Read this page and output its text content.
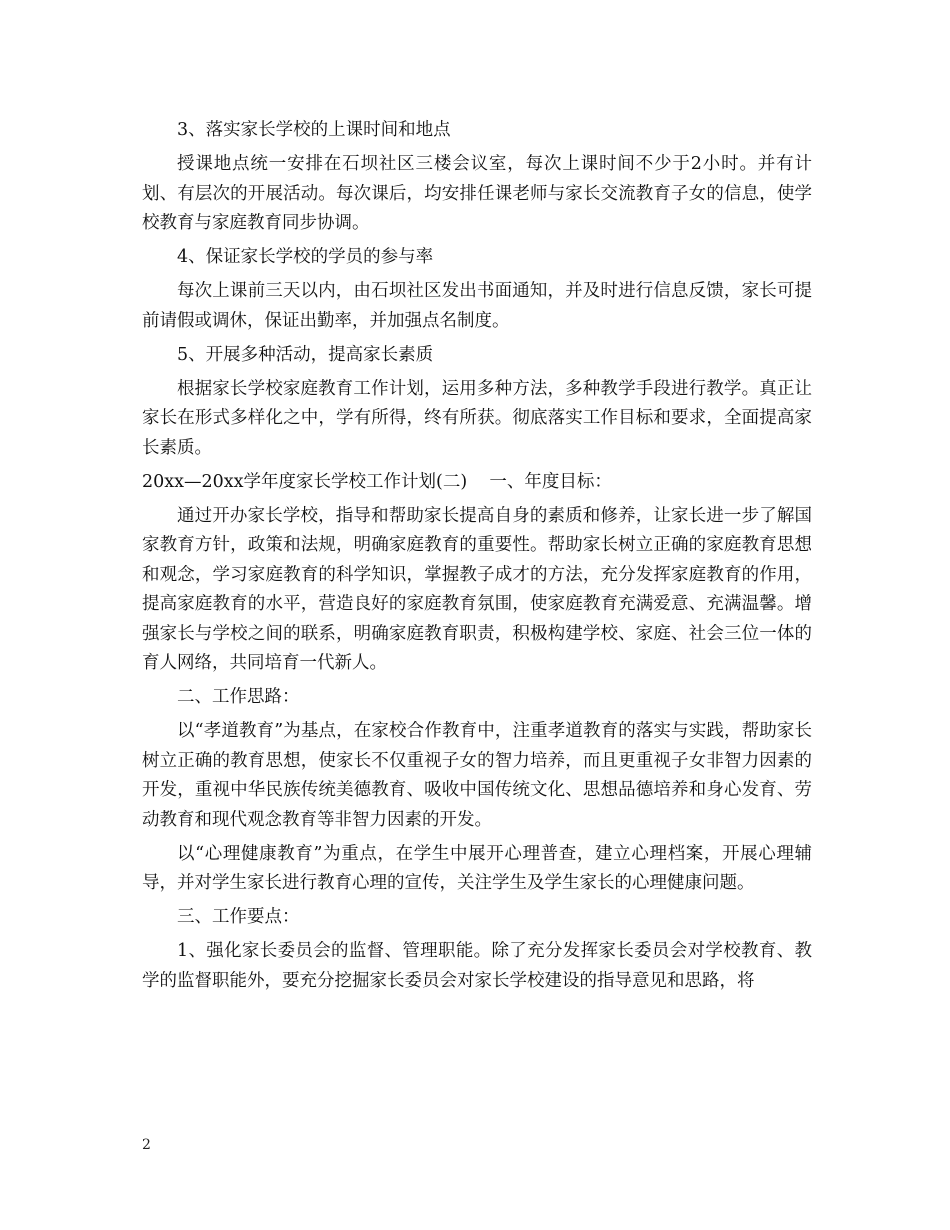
3、落实家长学校的上课时间和地点

授课地点统一安排在石坝社区三楼会议室，每次上课时间不少于2小时。并有计划、有层次的开展活动。每次课后，均安排任课老师与家长交流教育子女的信息，使学校教育与家庭教育同步协调。

4、保证家长学校的学员的参与率

每次上课前三天以内，由石坝社区发出书面通知，并及时进行信息反馈，家长可提前请假或调休，保证出勤率，并加强点名制度。

5、开展多种活动，提高家长素质

根据家长学校家庭教育工作计划，运用多种方法，多种教学手段进行教学。真正让家长在形式多样化之中，学有所得，终有所获。彻底落实工作目标和要求，全面提高家长素质。

20xx—20xx学年度家长学校工作计划(二)    一、年度目标：

通过开办家长学校，指导和帮助家长提高自身的素质和修养，让家长进一步了解国家教育方针，政策和法规，明确家庭教育的重要性。帮助家长树立正确的家庭教育思想和观念，学习家庭教育的科学知识，掌握教子成才的方法，充分发挥家庭教育的作用，提高家庭教育的水平，营造良好的家庭教育氛围，使家庭教育充满爱意、充满温馨。增强家长与学校之间的联系，明确家庭教育职责，积极构建学校、家庭、社会三位一体的育人网络，共同培育一代新人。

二、工作思路：

以“孝道教育”为基点，在家校合作教育中，注重孝道教育的落实与实践，帮助家长树立正确的教育思想，使家长不仅重视子女的智力培养，而且更重视子女非智力因素的开发，重视中华民族传统美德教育、吸收中国传统文化、思想品德培养和身心发育、劳动教育和现代观念教育等非智力因素的开发。

以“心理健康教育”为重点，在学生中展开心理普查，建立心理档案，开展心理辅导，并对学生家长进行教育心理的宣传，关注学生及学生家长的心理健康问题。

三、工作要点：

1、强化家长委员会的监督、管理职能。除了充分发挥家长委员会对学校教育、教学的监督职能外，要充分挖掘家长委员会对家长学校建设的指导意见和思路，将

2
